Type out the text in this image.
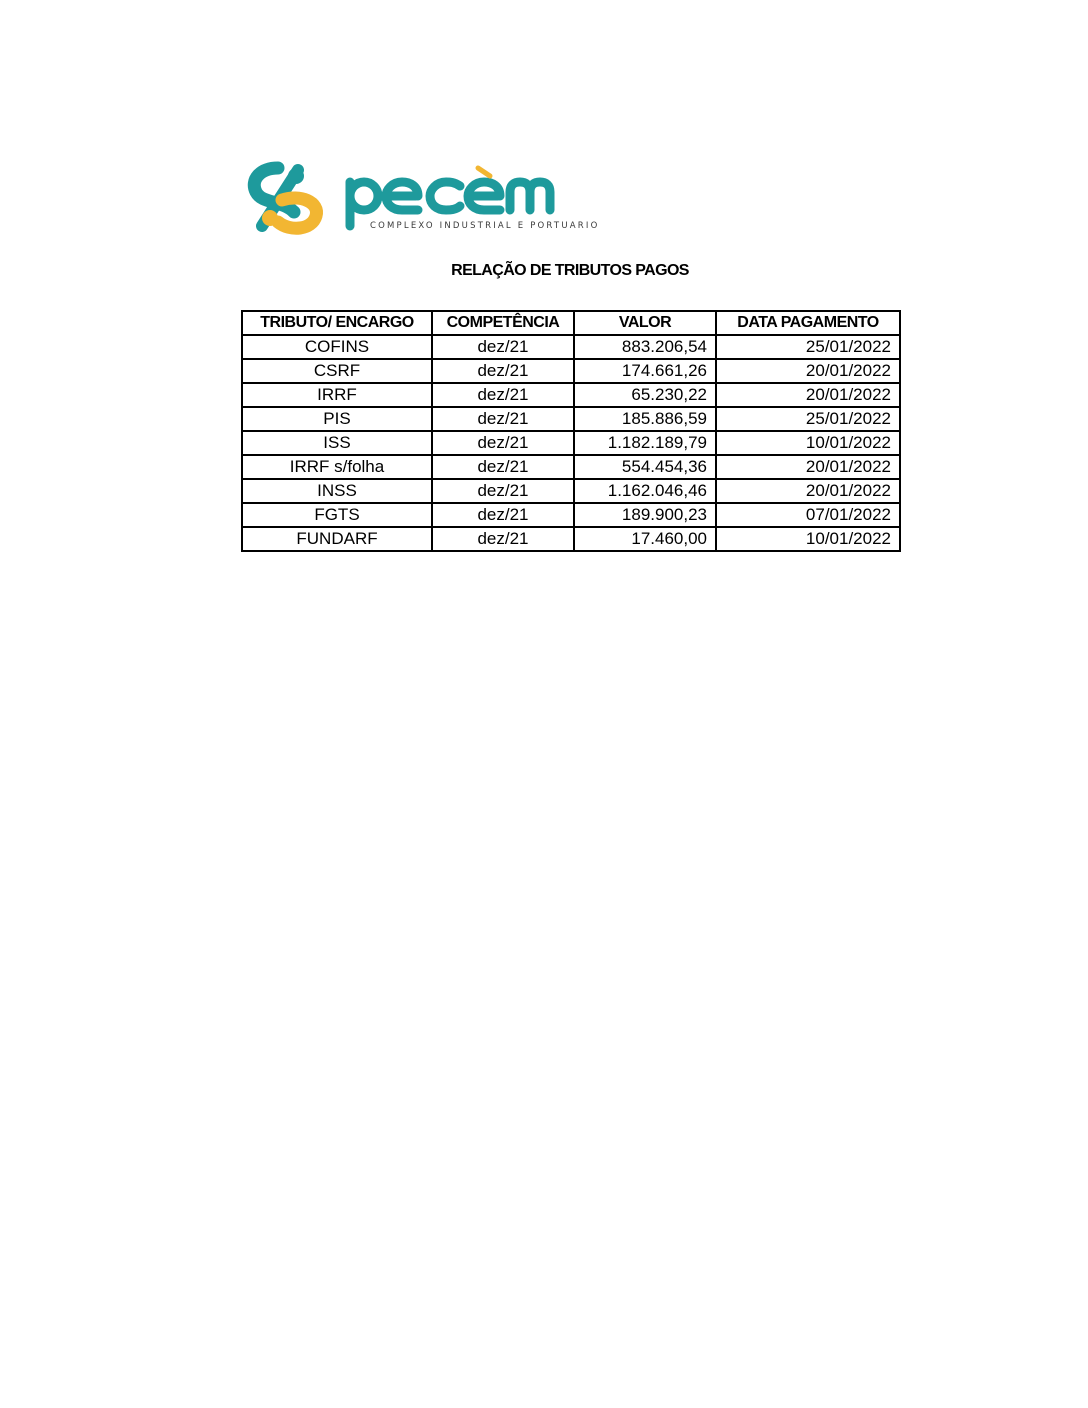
COMPLEXO INDUSTRIAL E PORTUARIO
RELAÇÃO DE TRIBUTOS PAGOS
TRIBUTO/ ENCARGO	COMPETÊNCIA	VALOR	DATA PAGAMENTO
COFINS	dez/21	883.206,54	25/01/2022
CSRF	dez/21	174.661,26	20/01/2022
IRRF	dez/21	65.230,22	20/01/2022
PIS	dez/21	185.886,59	25/01/2022
ISS	dez/21	1.182.189,79	10/01/2022
IRRF s/folha	dez/21	554.454,36	20/01/2022
INSS	dez/21	1.162.046,46	20/01/2022
FGTS	dez/21	189.900,23	07/01/2022
FUNDARF	dez/21	17.460,00	10/01/2022
